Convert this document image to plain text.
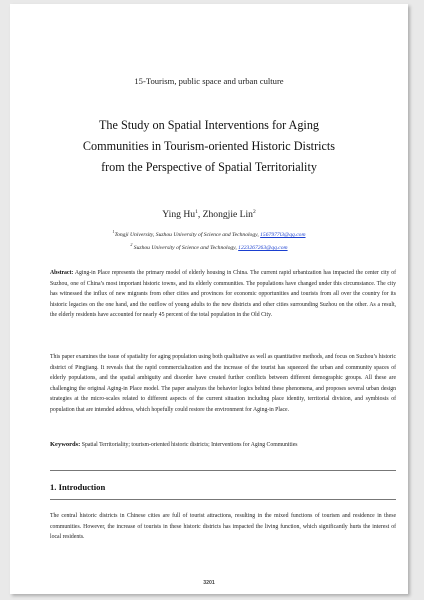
15-Tourism, public space and urban culture
The Study on Spatial Interventions for Aging
Communities in Tourism-oriented Historic Districts
from the Perspective of Spatial Territoriality
Ying Hu$^1$, Zhongjie Lin$^2$
$^1$Tongji University, Suzhou University of Science and Technology, 1567977l3@qq.com
$^2$ Suzhou University of Science and Technology, 1223267263@qq.com

Abstract: Aging-in Place represents the primary model of elderly housing in China. The current rapid urbanization has impacted the center city of Suzhou, one of China’s most important historic towns, and its elderly communities. The populations have changed under this circumstance. The city has witnessed the influx of new migrants from other cities and provinces for economic opportunities and tourists from all over the country for its historic legacies on the one hand, and the outflow of young adults to the new districts and other cities surrounding Suzhou on the other. As a result, the elderly residents have accounted for nearly 45 percent of the total population in the Old City.

This paper examines the issue of spatiality for aging population using both qualitative as well as quantitative methods, and focus on Suzhou’s historic district of Pingjiang. It reveals that the rapid commercialization and the increase of the tourist has squeezed the urban and community spaces of elderly populations, and the spatial ambiguity and disorder have created further conflicts between different demographic groups. All these are challenging the original Aging-in Place model. The paper analyzes the behavior logics behind these phenomena, and proposes several urban design strategies at the micro-scales related to different aspects of the current situation including place identity, territorial division, and symbiosis of population that are intended address, which hopefully could restore the environment for Aging-in Place.

Keywords: Spatial Territoriality; tourism-oriented historic districts; Interventions for Aging Communities
1. Introduction

The central historic districts in Chinese cities are full of tourist attractions, resulting in the mixed functions of tourism and residence in these communities. However, the increase of tourists in these historic districts has impacted the living function, which significantly hurts the interest of local residents.

3201
